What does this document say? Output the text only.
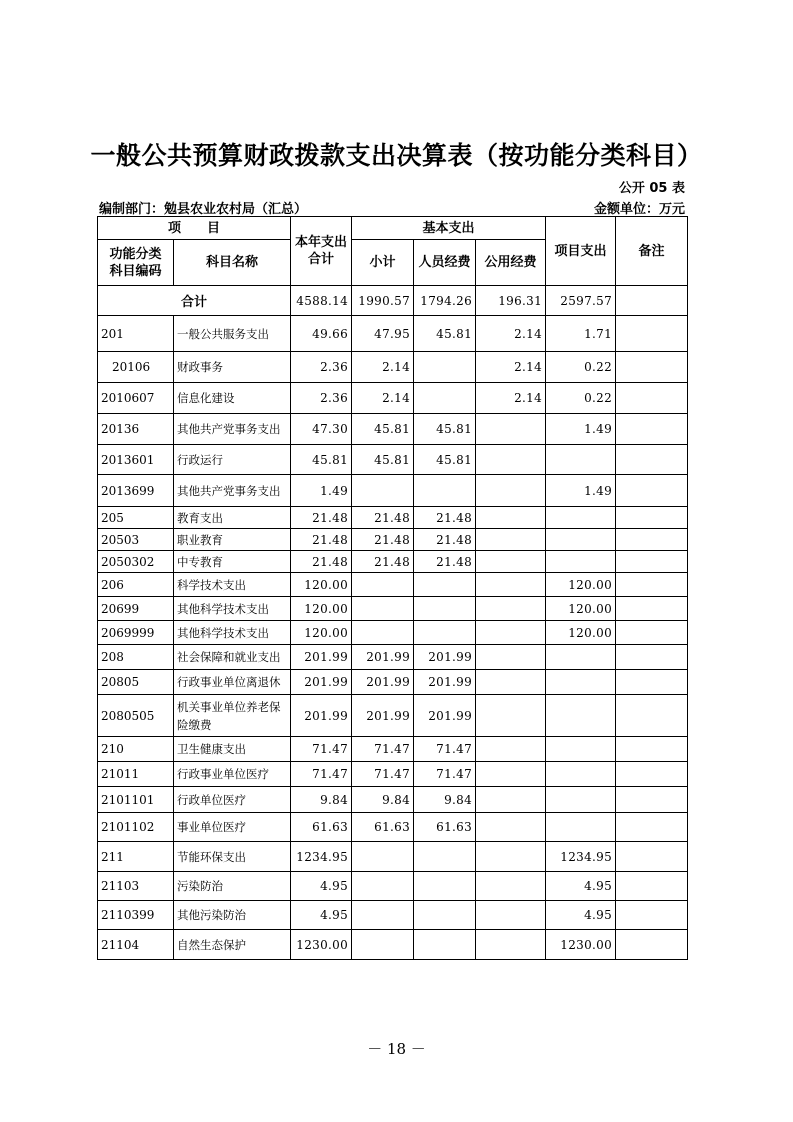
一般公共预算财政拨款支出决算表（按功能分类科目）
公开 05 表
编制部门：勉县农业农村局（汇总）	金额单位：万元
项　　目		本年支出
合计	基本支出			项目支出	备注
功能分类
科目编码	科目名称		小计	人员经费	公用经费		
合计		4588.14	1990.57	1794.26	196.31	2597.57	
201	一般公共服务支出	49.66	47.95	45.81	2.14	1.71	
20106	财政事务	2.36	2.14		2.14	0.22	
2010607	信息化建设	2.36	2.14		2.14	0.22	
20136	其他共产党事务支出	47.30	45.81	45.81		1.49	
2013601	行政运行	45.81	45.81	45.81			
2013699	其他共产党事务支出	1.49				1.49	
205	教育支出	21.48	21.48	21.48			
20503	职业教育	21.48	21.48	21.48			
2050302	中专教育	21.48	21.48	21.48			
206	科学技术支出	120.00				120.00	
20699	其他科学技术支出	120.00				120.00	
2069999	其他科学技术支出	120.00				120.00	
208	社会保障和就业支出	201.99	201.99	201.99			
20805	行政事业单位离退休	201.99	201.99	201.99			
2080505	机关事业单位养老保险缴费	201.99	201.99	201.99			
210	卫生健康支出	71.47	71.47	71.47			
21011	行政事业单位医疗	71.47	71.47	71.47			
2101101	行政单位医疗	9.84	9.84	9.84			
2101102	事业单位医疗	61.63	61.63	61.63			
211	节能环保支出	1234.95				1234.95	
21103	污染防治	4.95				4.95	
2110399	其他污染防治	4.95				4.95	
21104	自然生态保护	1230.00				1230.00	
－ 18 －
